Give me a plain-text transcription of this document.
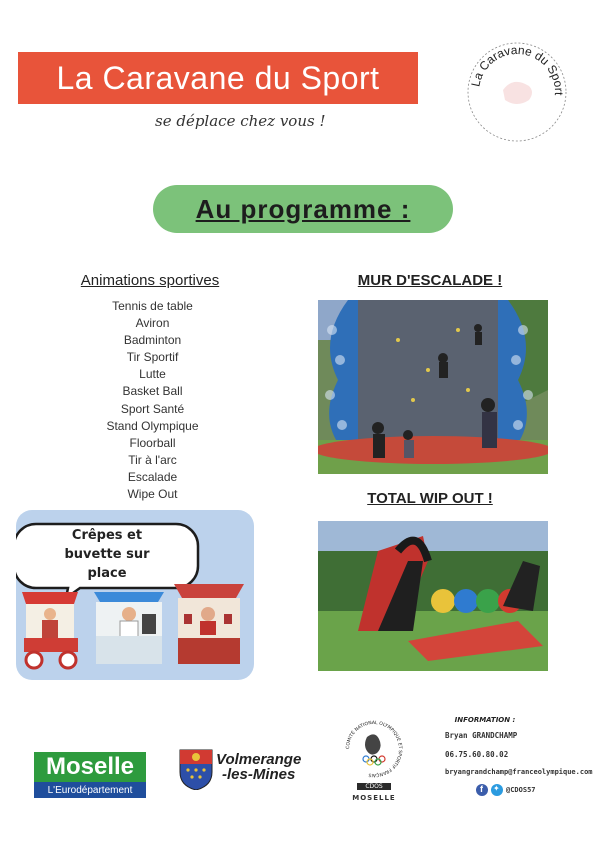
La Caravane du Sport
se déplace chez vous !
La Caravane du Sport
Au programme :
Animations sportives
Tennis de table
Aviron
Badminton
Tir Sportif
Lutte
Basket Ball
Sport Santé
Stand Olympique
Floorball
Tir à l'arc
Escalade
Wipe Out
MUR D'ESCALADE !
TOTAL WIP OUT !
Crêpes et buvette sur place
Moselle
L'Eurodépartement
Volmerange
-les-Mines
COMITÉ NATIONAL OLYMPIQUE ET SPORTIF FRANÇAIS
CDOS
MOSELLE
INFORMATION :
Bryan GRANDCHAMP
06.75.60.80.02
bryangrandchamp@franceolympique.com
f ✦ @CDOS57
